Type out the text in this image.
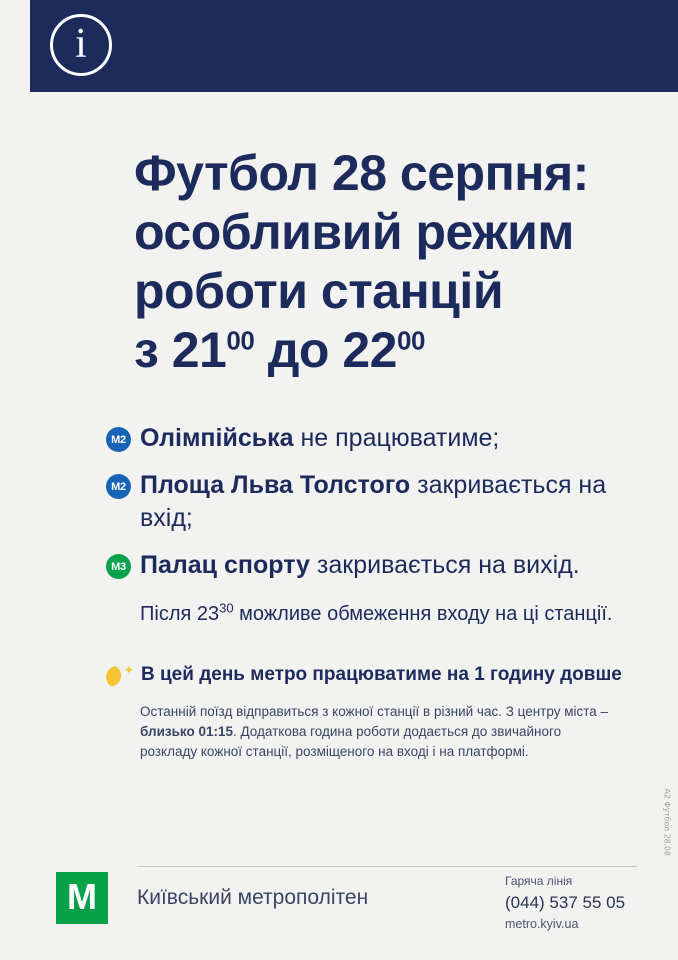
i
Футбол 28 серпня:
особливий режим
роботи станцій
з $21^{00}$ до $22^{00}$
M2 Олімпійська не працюватиме;
M2 Площа Льва Толстого закривається на вхід;
M3 Палац спорту закривається на вихід.
Після $23^{30}$ можливе обмеження входу на ці станції.
✦ В цей день метро працюватиме на 1 годину довше
Останній поїзд відправиться з кожної станції в різний час. З центру міста – близько 01:15. Додаткова година роботи додається до звичайного розкладу кожної станції, розміщеного на вході і на платформі.
М Київський метрополітен
Гаряча лінія
(044) 537 55 05
metro.kyiv.ua
A2 Футбол 28.08
